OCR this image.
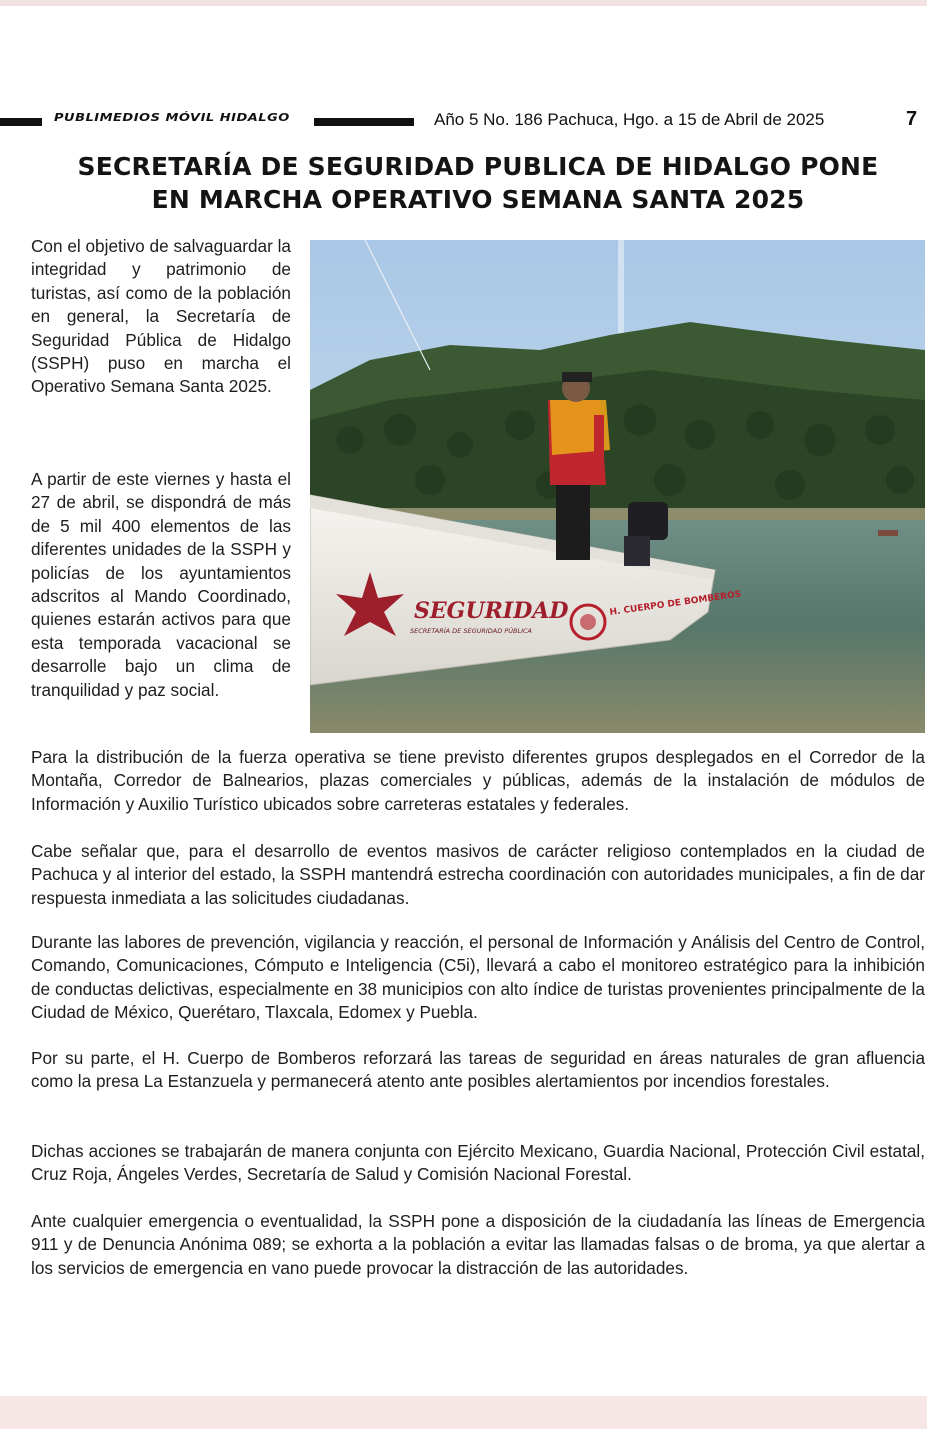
PUBLIMEDIOS MÓVIL HIDALGO	Año 5 No. 186 Pachuca, Hgo. a 15 de Abril de 2025	7
SECRETARÍA DE SEGURIDAD PUBLICA DE HIDALGO PONE
EN MARCHA OPERATIVO SEMANA SANTA 2025

Con el objetivo de salvaguardar la integridad y patrimonio de turistas, así como de la población en general, la Secretaría de Seguridad Pública de Hidalgo (SSPH) puso en marcha el Operativo Semana Santa 2025.

A partir de este viernes y hasta el 27 de abril, se dispondrá de más de 5 mil 400 elementos de las diferentes unidades de la SSPH y policías de los ayuntamientos adscritos al Mando Coordinado, quienes estarán activos para que esta temporada vacacional se desarrolle bajo un clima de tranquilidad y paz social.

SEGURIDAD
SECRETARÍA DE SEGURIDAD PÚBLICA
H. CUERPO DE BOMBEROS

Para la distribución de la fuerza operativa se tiene previsto diferentes grupos desplegados en el Corredor de la Montaña, Corredor de Balnearios, plazas comerciales y públicas, además de la instalación de módulos de Información y Auxilio Turístico ubicados sobre carreteras estatales y federales.

Cabe señalar que, para el desarrollo de eventos masivos de carácter religioso contemplados en la ciudad de Pachuca y al interior del estado, la SSPH mantendrá estrecha coordinación con autoridades municipales, a fin de dar respuesta inmediata a las solicitudes ciudadanas.

Durante las labores de prevención, vigilancia y reacción, el personal de Información y Análisis del Centro de Control, Comando, Comunicaciones, Cómputo e Inteligencia (C5i), llevará a cabo el monitoreo estratégico para la inhibición de conductas delictivas, especialmente en 38 municipios con alto índice de turistas provenientes principalmente de la Ciudad de México, Querétaro, Tlaxcala, Edomex y Puebla.

Por su parte, el H. Cuerpo de Bomberos reforzará las tareas de seguridad en áreas naturales de gran afluencia como la presa La Estanzuela y permanecerá atento ante posibles alertamientos por incendios forestales.

Dichas acciones se trabajarán de manera conjunta con Ejército Mexicano, Guardia Nacional, Protección Civil estatal, Cruz Roja, Ángeles Verdes, Secretaría de Salud y Comisión Nacional Forestal.

Ante cualquier emergencia o eventualidad, la SSPH pone a disposición de la ciudadanía las líneas de Emergencia 911 y de Denuncia Anónima 089; se exhorta a la población a evitar las llamadas falsas o de broma, ya que alertar a los servicios de emergencia en vano puede provocar la distracción de las autoridades.
